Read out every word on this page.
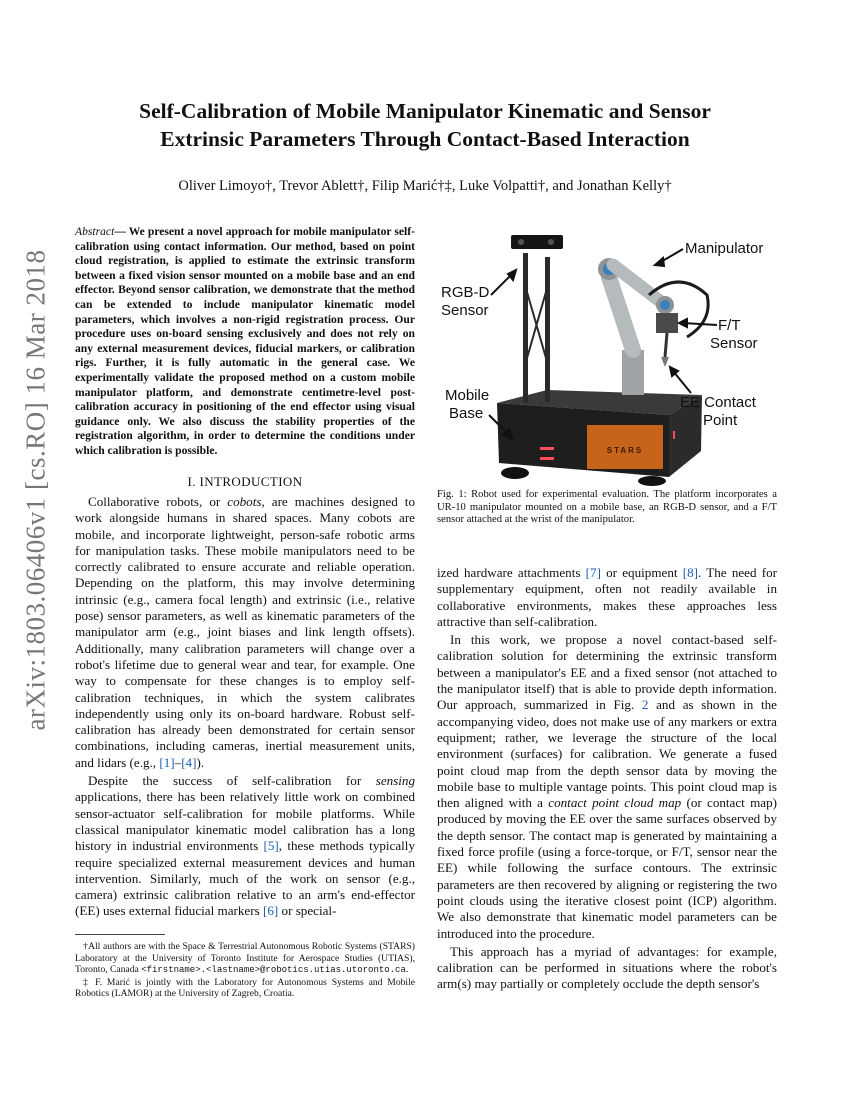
arXiv:1803.06406v1 [cs.RO] 16 Mar 2018
Self-Calibration of Mobile Manipulator Kinematic and Sensor
Extrinsic Parameters Through Contact-Based Interaction
Oliver Limoyo†, Trevor Ablett†, Filip Marić†‡, Luke Volpatti†, and Jonathan Kelly†
Abstract— We present a novel approach for mobile manipulator self-calibration using contact information. Our method, based on point cloud registration, is applied to estimate the extrinsic transform between a fixed vision sensor mounted on a mobile base and an end effector. Beyond sensor calibration, we demonstrate that the method can be extended to include manipulator kinematic model parameters, which involves a non-rigid registration process. Our procedure uses on-board sensing exclusively and does not rely on any external measurement devices, fiducial markers, or calibration rigs. Further, it is fully automatic in the general case. We experimentally validate the proposed method on a custom mobile manipulator platform, and demonstrate centimetre-level post-calibration accuracy in positioning of the end effector using visual guidance only. We also discuss the stability properties of the registration algorithm, in order to determine the conditions under which calibration is possible.
I. INTRODUCTION

Collaborative robots, or cobots, are machines designed to work alongside humans in shared spaces. Many cobots are mobile, and incorporate lightweight, person-safe robotic arms for manipulation tasks. These mobile manipulators need to be correctly calibrated to ensure accurate and reliable operation. Depending on the platform, this may involve determining intrinsic (e.g., camera focal length) and extrinsic (i.e., relative pose) sensor parameters, as well as kinematic parameters of the manipulator arm (e.g., joint biases and link length offsets). Additionally, many calibration parameters will change over a robot's lifetime due to general wear and tear, for example. One way to compensate for these changes is to employ self-calibration techniques, in which the system calibrates independently using only its on-board hardware. Robust self-calibration has already been demonstrated for certain sensor combinations, including cameras, inertial measurement units, and lidars (e.g., [1]–[4]).

Despite the success of self-calibration for sensing applications, there has been relatively little work on combined sensor-actuator self-calibration for mobile platforms. While classical manipulator kinematic model calibration has a long history in industrial environments [5], these methods typically require specialized external measurement devices and human intervention. Similarly, much of the work on sensor (e.g., camera) extrinsic calibration relative to an arm's end-effector (EE) uses external fiducial markers [6] or special-

†All authors are with the Space & Terrestrial Autonomous Robotic Systems (STARS) Laboratory at the University of Toronto Institute for Aerospace Studies (UTIAS), Toronto, Canada <firstname>.<lastname>@robotics.utias.utoronto.ca.

‡ F. Marić is jointly with the Laboratory for Autonomous Systems and Mobile Robotics (LAMOR) at the University of Zagreb, Croatia.

STARS
Manipulator
RGB-D
Sensor
F/T
Sensor
Mobile
Base
EE Contact
Point
Fig. 1: Robot used for experimental evaluation. The platform incorporates a UR-10 manipulator mounted on a mobile base, an RGB-D sensor, and a F/T sensor attached at the wrist of the manipulator.

ized hardware attachments [7] or equipment [8]. The need for supplementary equipment, often not readily available in collaborative environments, makes these approaches less attractive than self-calibration.

In this work, we propose a novel contact-based self-calibration solution for determining the extrinsic transform between a manipulator's EE and a fixed sensor (not attached to the manipulator itself) that is able to provide depth information. Our approach, summarized in Fig. 2 and as shown in the accompanying video, does not make use of any markers or extra equipment; rather, we leverage the structure of the local environment (surfaces) for calibration. We generate a fused point cloud map from the depth sensor data by moving the mobile base to multiple vantage points. This point cloud map is then aligned with a contact point cloud map (or contact map) produced by moving the EE over the same surfaces observed by the depth sensor. The contact map is generated by maintaining a fixed force profile (using a force-torque, or F/T, sensor near the EE) while following the surface contours. The extrinsic parameters are then recovered by aligning or registering the two point clouds using the iterative closest point (ICP) algorithm. We also demonstrate that kinematic model parameters can be introduced into the procedure.

This approach has a myriad of advantages: for example, calibration can be performed in situations where the robot's arm(s) may partially or completely occlude the depth sensor's
